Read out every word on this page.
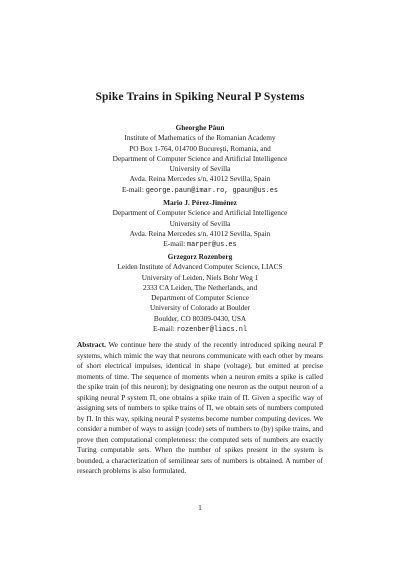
Spike Trains in Spiking Neural P Systems
Gheorghe Păun
Institute of Mathematics of the Romanian Academy
PO Box 1-764, 014700 Bucureşti, Romania, and
Department of Computer Science and Artificial Intelligence
University of Sevilla
Avda. Reina Mercedes s/n, 41012 Sevilla, Spain
E-mail: george.paun@imar.ro, gpaun@us.es
Mario J. Pérez-Jiménez
Department of Computer Science and Artificial Intelligence
University of Sevilla
Avda. Reina Mercedes s/n, 41012 Sevilla, Spain
E-mail: marper@us.es
Grzegorz Rozenberg
Leiden Institute of Advanced Computer Science, LIACS
University of Leiden, Niels Bohr Weg 1
2333 CA Leiden, The Netherlands, and
Department of Computer Science
University of Colorado at Boulder
Boulder, CO 80309-0430, USA
E-mail: rozenber@liacs.nl
Abstract. We continue here the study of the recently introduced spiking neural P systems, which mimic the way that neurons communicate with each other by means of short electrical impulses, identical in shape (voltage), but emitted at precise moments of time. The sequence of moments when a neuron emits a spike is called the spike train (of this neuron); by designating one neuron as the output neuron of a spiking neural P system Π, one obtains a spike train of Π. Given a specific way of assigning sets of numbers to spike trains of Π, we obtain sets of numbers computed by Π. In this way, spiking neural P systems become number computing devices. We consider a number of ways to assign (code) sets of numbers to (by) spike trains, and prove then computational completeness: the computed sets of numbers are exactly Turing computable sets. When the number of spikes present in the system is bounded, a characterization of semilinear sets of numbers is obtained. A number of research problems is also formulated.
1
